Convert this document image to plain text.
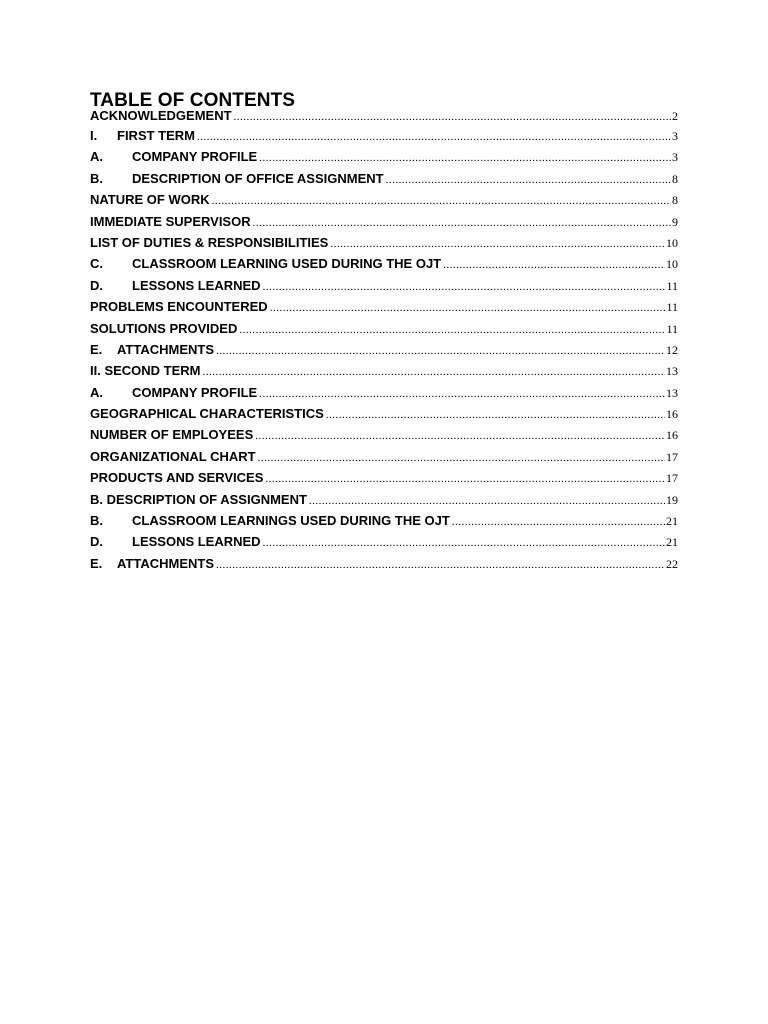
TABLE OF CONTENTS
ACKNOWLEDGEMENT .....	2
I.	FIRST TERM .....	3
A.	COMPANY PROFILE .....	3
B.	DESCRIPTION OF OFFICE ASSIGNMENT .....	8
NATURE OF WORK .....	8
IMMEDIATE SUPERVISOR .....	9
LIST OF DUTIES & RESPONSIBILITIES .....	10
C.	CLASSROOM LEARNING USED DURING THE OJT .....	10
D.	LESSONS LEARNED .....	11
PROBLEMS ENCOUNTERED .....	11
SOLUTIONS PROVIDED .....	11
E.	ATTACHMENTS .....	12
II. SECOND TERM .....	13
A.	COMPANY PROFILE .....	13
GEOGRAPHICAL CHARACTERISTICS .....	16
NUMBER OF EMPLOYEES .....	16
ORGANIZATIONAL CHART .....	17
PRODUCTS AND SERVICES .....	17
B. DESCRIPTION OF ASSIGNMENT .....	19
B.	CLASSROOM LEARNINGS USED DURING THE OJT .....	21
D.	LESSONS LEARNED .....	21
E.	ATTACHMENTS .....	22
